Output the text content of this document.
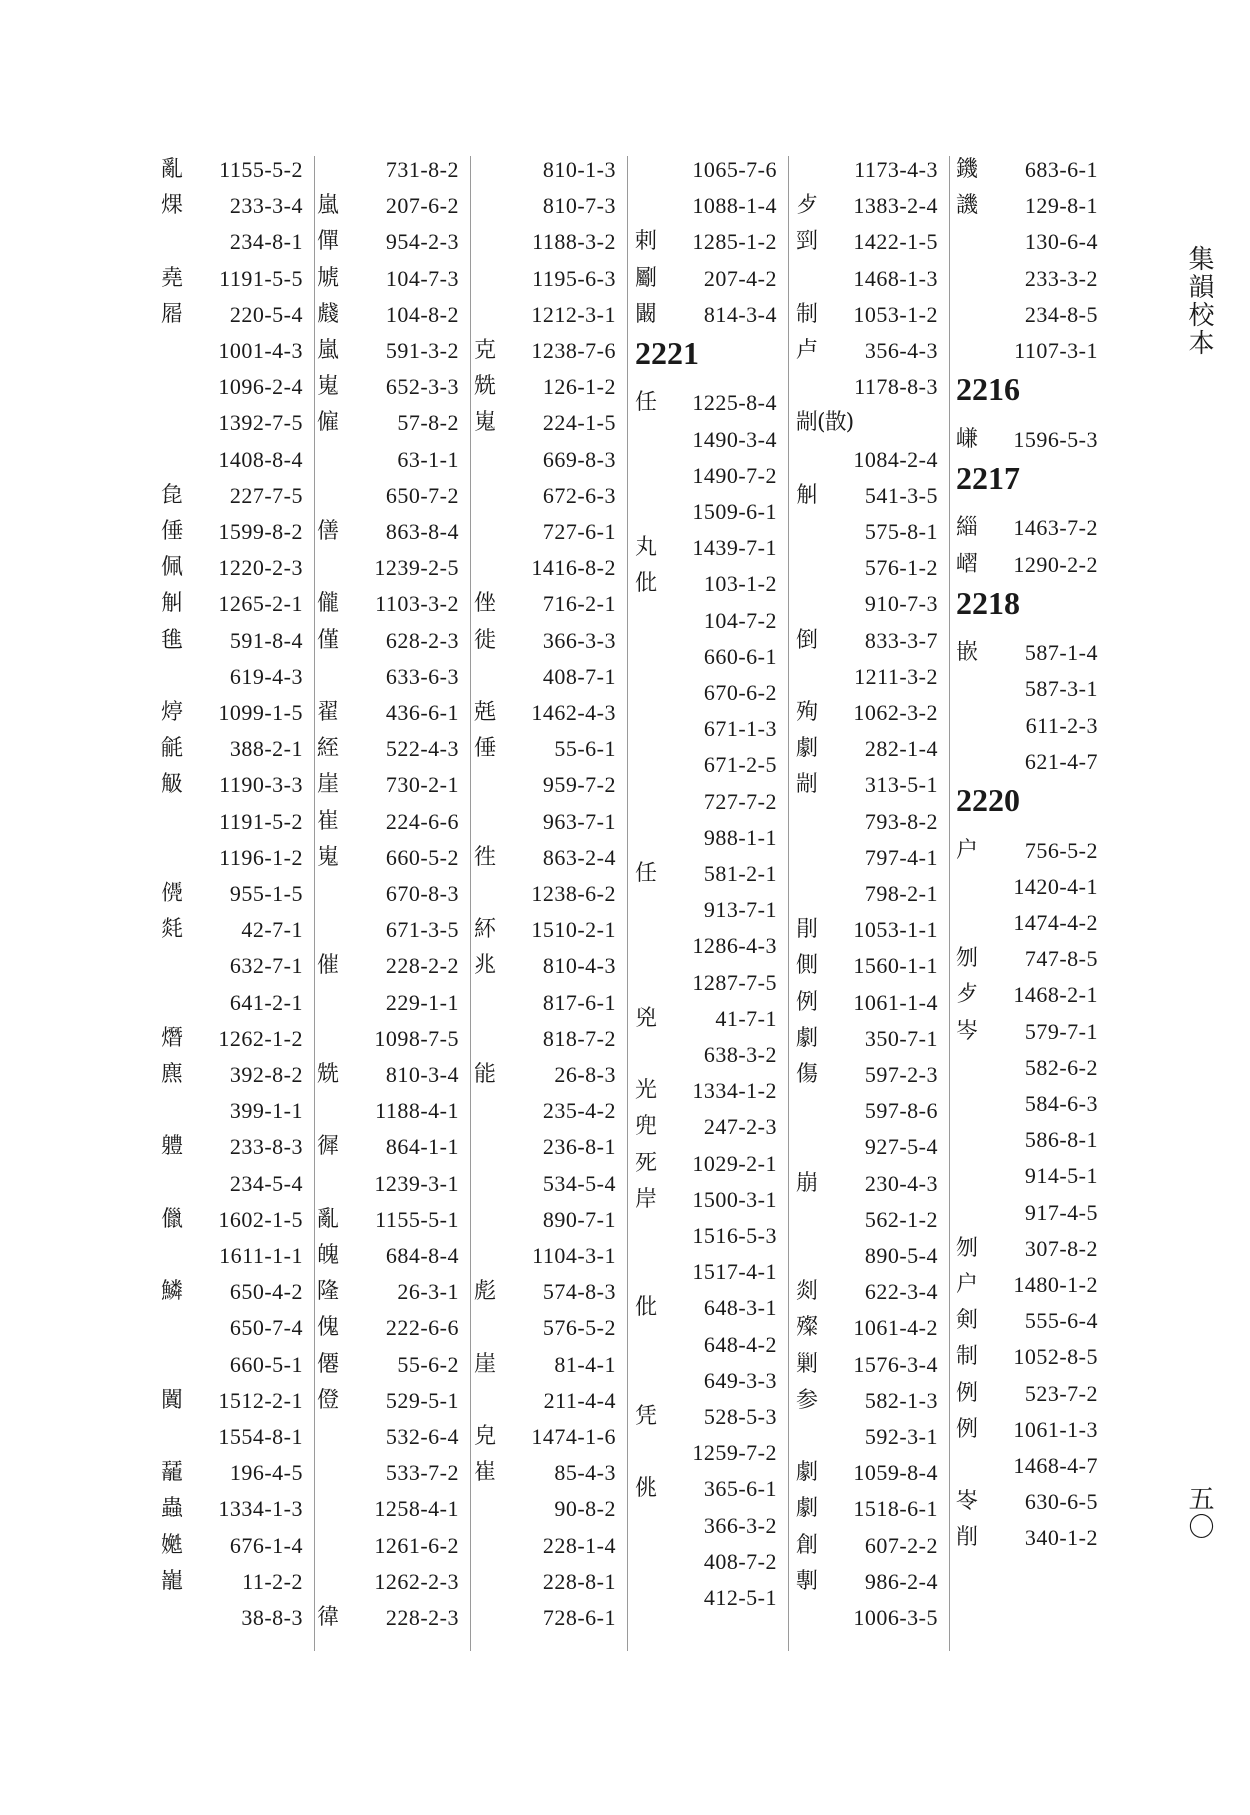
集韻校本
五〇
亂	1155-5-2
㷄	233-3-4
234-8-1
堯	1191-5-5
㞛	220-5-4
1001-4-3
1096-2-4
1392-7-5
1408-8-4
㲋	227-7-5
倕	1599-8-2
佩	1220-2-3
觓	1265-2-1
㲝	591-8-4
619-4-3
㷚	1099-1-5
毹	388-2-1
觙	1190-3-3
1191-5-2
1196-1-2
𠌩	955-1-5
㲜	42-7-1
632-7-1
641-2-1
熸	1262-1-2
麃	392-8-2
399-1-1
軆	233-8-3
234-5-4
儠	1602-1-5
1611-1-1
鱗	650-4-2
650-7-4
660-5-1
闐	1512-2-1
1554-8-1
䶬	196-4-5
蟲	1334-1-3
嬔	676-1-4
巃	11-2-2
38-8-3
731-8-2
嵐	207-6-2
僤	954-2-3
虓	104-7-3
虥	104-8-2
嵐	591-3-2
嵬	652-3-3
僱	57-8-2
63-1-1
650-7-2
僐	863-8-4
1239-2-5
儱	1103-3-2
僅	628-2-3
633-6-3
翟	436-6-1
絰	522-4-3
崖	730-2-1
崔	224-6-6
嵬	660-5-2
670-8-3
671-3-5
催	228-2-2
229-1-1
1098-7-5
兟	810-3-4
1188-4-1
徲	864-1-1
1239-3-1
亂	1155-5-1
魄	684-8-4
隆	26-3-1
傀	222-6-6
僊	55-6-2
僜	529-5-1
532-6-4
533-7-2
1258-4-1
1261-6-2
1262-2-3
徫	228-2-3
810-1-3
810-7-3
1188-3-2
1195-6-3
1212-3-1
克	1238-7-6
兟	126-1-2
嵬	224-1-5
669-8-3
672-6-3
727-6-1
1416-8-2
侳	716-2-1
徙	366-3-3
408-7-1
兞	1462-4-3
倕	55-6-1
959-7-2
963-7-1
徃	863-2-4
1238-6-2
紑	1510-2-1
兆	810-4-3
817-6-1
818-7-2
能	26-8-3
235-4-2
236-8-1
534-5-4
890-7-1
1104-3-1
彪	574-8-3
576-5-2
崖	81-4-1
211-4-4
皃	1474-1-6
崔	85-4-3
90-8-2
228-1-4
228-8-1
728-6-1
1065-7-6
1088-1-4
剌	1285-1-2
劚	207-4-2
闞	814-3-4
2221
任	1225-8-4
1490-3-4
1490-7-2
1509-6-1
丸	1439-7-1
仳	103-1-2
104-7-2
660-6-1
670-6-2
671-1-3
671-2-5
727-7-2
988-1-1
任	581-2-1
913-7-1
1286-4-3
1287-7-5
兇	41-7-1
638-3-2
光	1334-1-2
兜	247-2-3
死	1029-2-1
岸	1500-3-1
1516-5-3
1517-4-1
仳	648-3-1
648-4-2
649-3-3
凭	528-5-3
1259-7-2
佻	365-6-1
366-3-2
408-7-2
412-5-1
1173-4-3
歺	1383-2-4
剄	1422-1-5
1468-1-3
制	1053-1-2
卢	356-4-3
1178-8-3
剬(㪚)
1084-2-4
觓	541-3-5
575-8-1
576-1-2
910-7-3
倒	833-3-7
1211-3-2
殉	1062-3-2
劇	282-1-4
剬	313-5-1
793-8-2
797-4-1
798-2-1
剈	1053-1-1
側	1560-1-1
例	1061-1-4
劇	350-7-1
傷	597-2-3
597-8-6
927-5-4
崩	230-4-3
562-1-2
890-5-4
剡	622-3-4
殩	1061-4-2
剿	1576-3-4
参	582-1-3
592-3-1
劇	1059-8-4
劇	1518-6-1
創	607-2-2
剸	986-2-4
1006-3-5
鐖	683-6-1
譏	129-8-1
130-6-4
233-3-2
234-8-5
1107-3-1
2216
嵰	1596-5-3
2217
緇	1463-7-2
嶍	1290-2-2
2218
嵌	587-1-4
587-3-1
611-2-3
621-4-7
2220
户	756-5-2
1420-4-1
1474-4-2
刎	747-8-5
歺	1468-2-1
岑	579-7-1
582-6-2
584-6-3
586-8-1
914-5-1
917-4-5
刎	307-8-2
户	1480-1-2
剣	555-6-4
制	1052-8-5
例	523-7-2
例	1061-1-3
1468-4-7
岺	630-6-5
削	340-1-2
